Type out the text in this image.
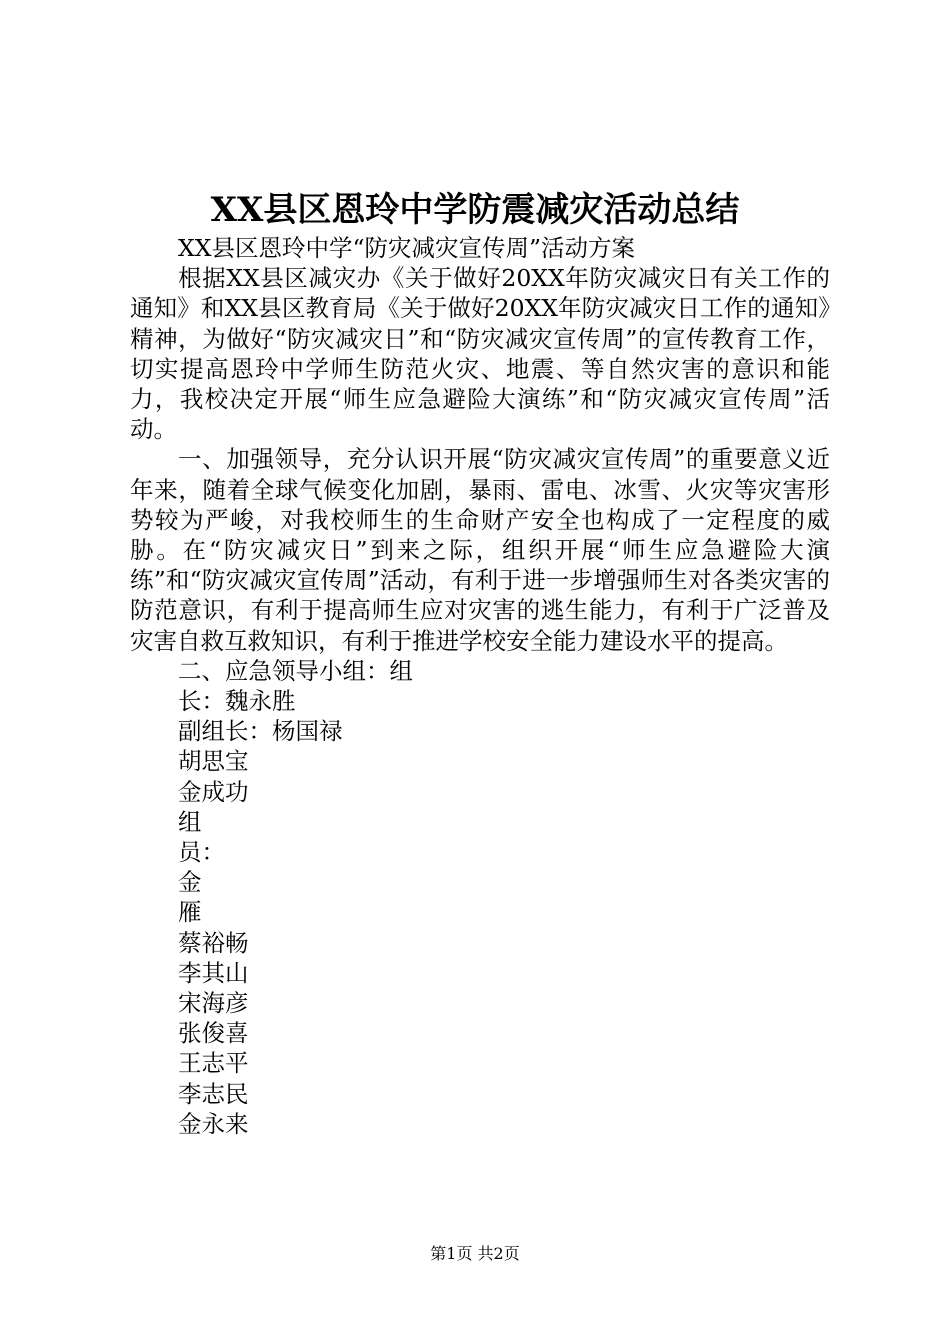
XX县区恩玲中学防震减灾活动总结

XX县区恩玲中学“防灾减灾宣传周”活动方案

根据XX县区减灾办《关于做好20XX年防灾减灾日有关工作的通知》和XX县区教育局《关于做好20XX年防灾减灾日工作的通知》精神，为做好“防灾减灾日”和“防灾减灾宣传周”的宣传教育工作，切实提高恩玲中学师生防范火灾、地震、等自然灾害的意识和能力，我校决定开展“师生应急避险大演练”和“防灾减灾宣传周”活动。

一、加强领导，充分认识开展“防灾减灾宣传周”的重要意义近年来，随着全球气候变化加剧，暴雨、雷电、冰雪、火灾等灾害形势较为严峻，对我校师生的生命财产安全也构成了一定程度的威胁。在“防灾减灾日”到来之际，组织开展“师生应急避险大演练”和“防灾减灾宣传周”活动，有利于进一步增强师生对各类灾害的防范意识，有利于提高师生应对灾害的逃生能力，有利于广泛普及灾害自救互救知识，有利于推进学校安全能力建设水平的提高。

二、应急领导小组：组

长：魏永胜

副组长：杨国禄

胡思宝

金成功

组

员：

金

雁

蔡裕畅

李其山

宋海彦

张俊喜

王志平

李志民

金永来

第1页 共2页
